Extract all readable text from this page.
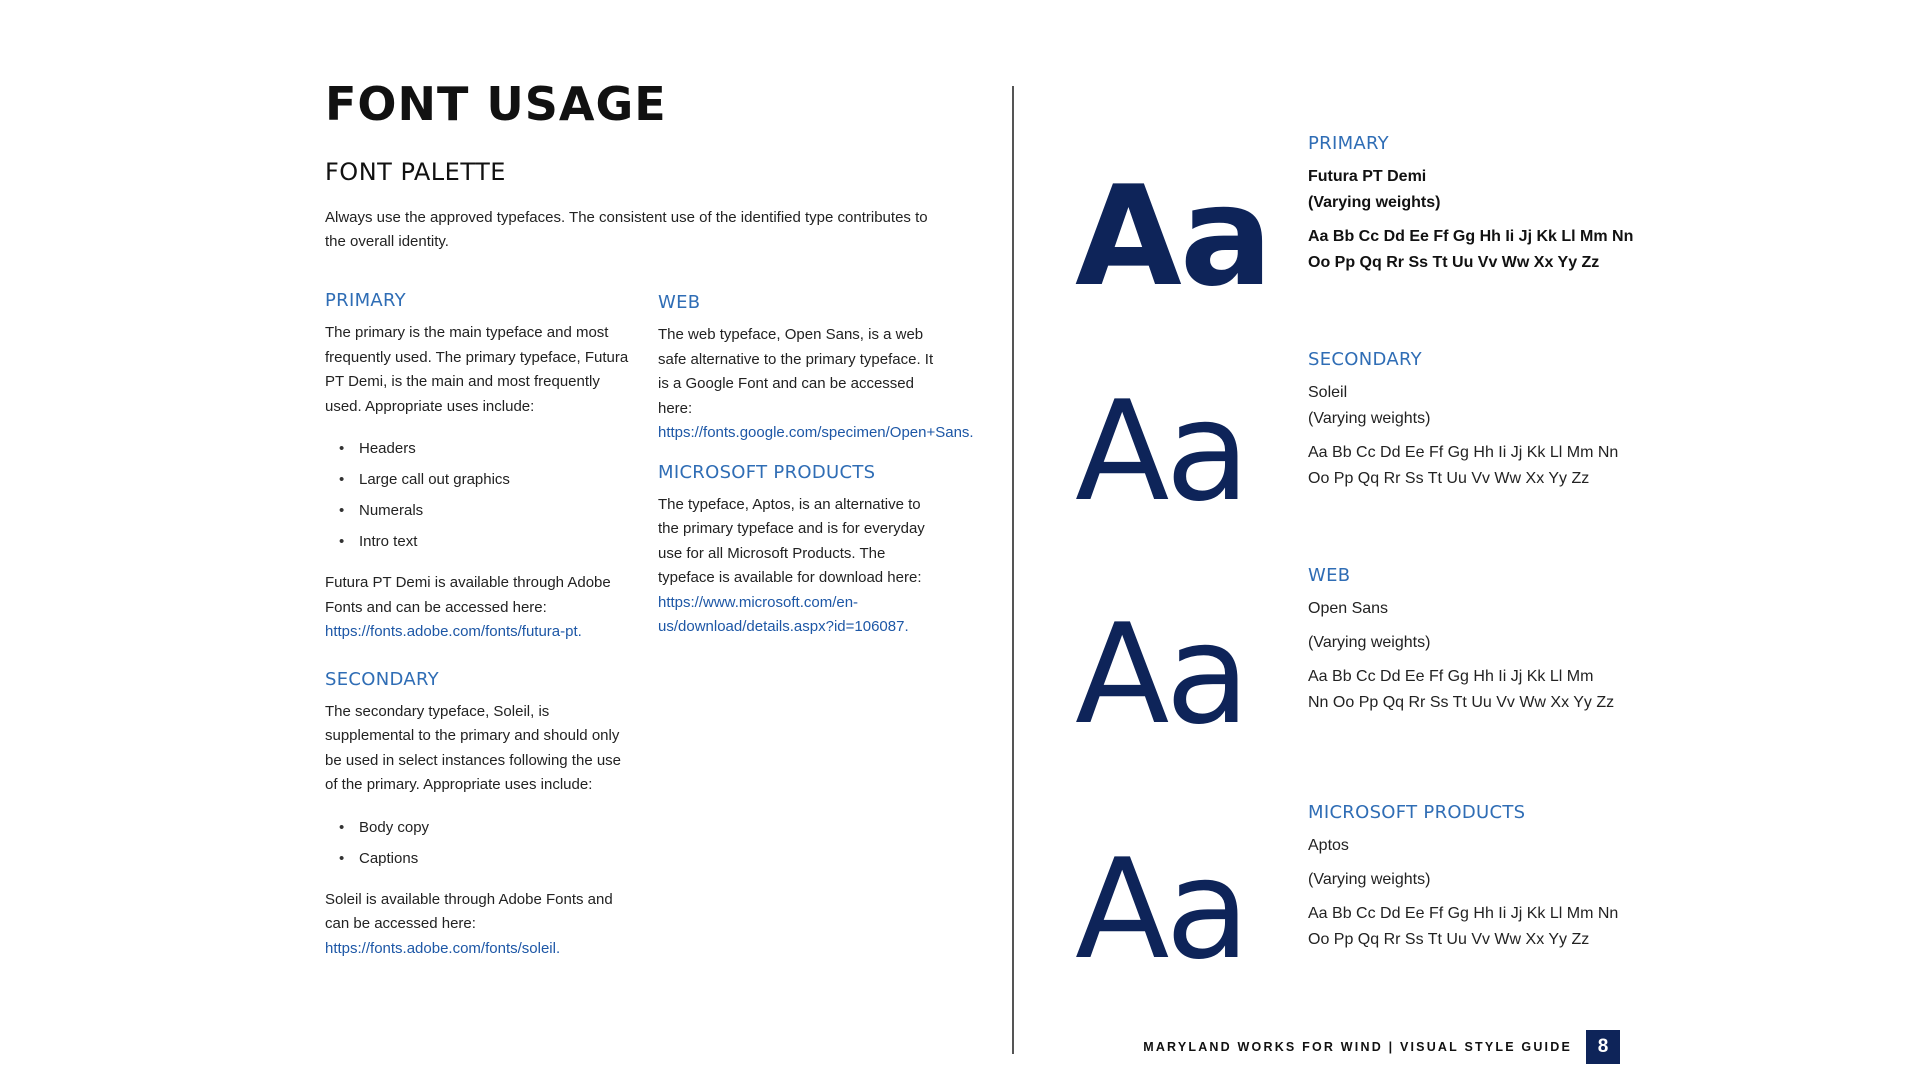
FONT USAGE
FONT PALETTE

Always use the approved typefaces. The consistent use of the identified type contributes to the overall identity.

PRIMARY

The primary is the main typeface and most frequently used. The primary typeface, Futura PT Demi, is the main and most frequently used. Appropriate uses include:

• Headers
• Large call out graphics
• Numerals
• Intro text

Futura PT Demi is available through Adobe Fonts and can be accessed here: https://fonts.adobe.com/fonts/futura-pt.

SECONDARY

The secondary typeface, Soleil, is supplemental to the primary and should only be used in select instances following the use of the primary. Appropriate uses include:

• Body copy
• Captions

Soleil is available through Adobe Fonts and can be accessed here: https://fonts.adobe.com/fonts/soleil.

WEB

The web typeface, Open Sans, is a web safe alternative to the primary typeface. It is a Google Font and can be accessed here: https://fonts.google.com/specimen/Open+Sans.

MICROSOFT PRODUCTS

The typeface, Aptos, is an alternative to the primary typeface and is for everyday use for all Microsoft Products. The typeface is available for download here: https://www.microsoft.com/en-us/download/details.aspx?id=106087.

Aa
PRIMARY

Futura PT Demi

(Varying weights)

Aa Bb Cc Dd Ee Ff Gg Hh Ii Jj Kk Ll Mm Nn

Oo Pp Qq Rr Ss Tt Uu Vv Ww Xx Yy Zz

Aa
SECONDARY

Soleil

(Varying weights)

Aa Bb Cc Dd Ee Ff Gg Hh Ii Jj Kk Ll Mm Nn

Oo Pp Qq Rr Ss Tt Uu Vv Ww Xx Yy Zz

Aa
WEB

Open Sans

(Varying weights)

Aa Bb Cc Dd Ee Ff Gg Hh Ii Jj Kk Ll Mm

Nn Oo Pp Qq Rr Ss Tt Uu Vv Ww Xx Yy Zz

Aa
MICROSOFT PRODUCTS

Aptos

(Varying weights)

Aa Bb Cc Dd Ee Ff Gg Hh Ii Jj Kk Ll Mm Nn

Oo Pp Qq Rr Ss Tt Uu Vv Ww Xx Yy Zz

MARYLAND WORKS FOR WIND | VISUAL STYLE GUIDE	8
